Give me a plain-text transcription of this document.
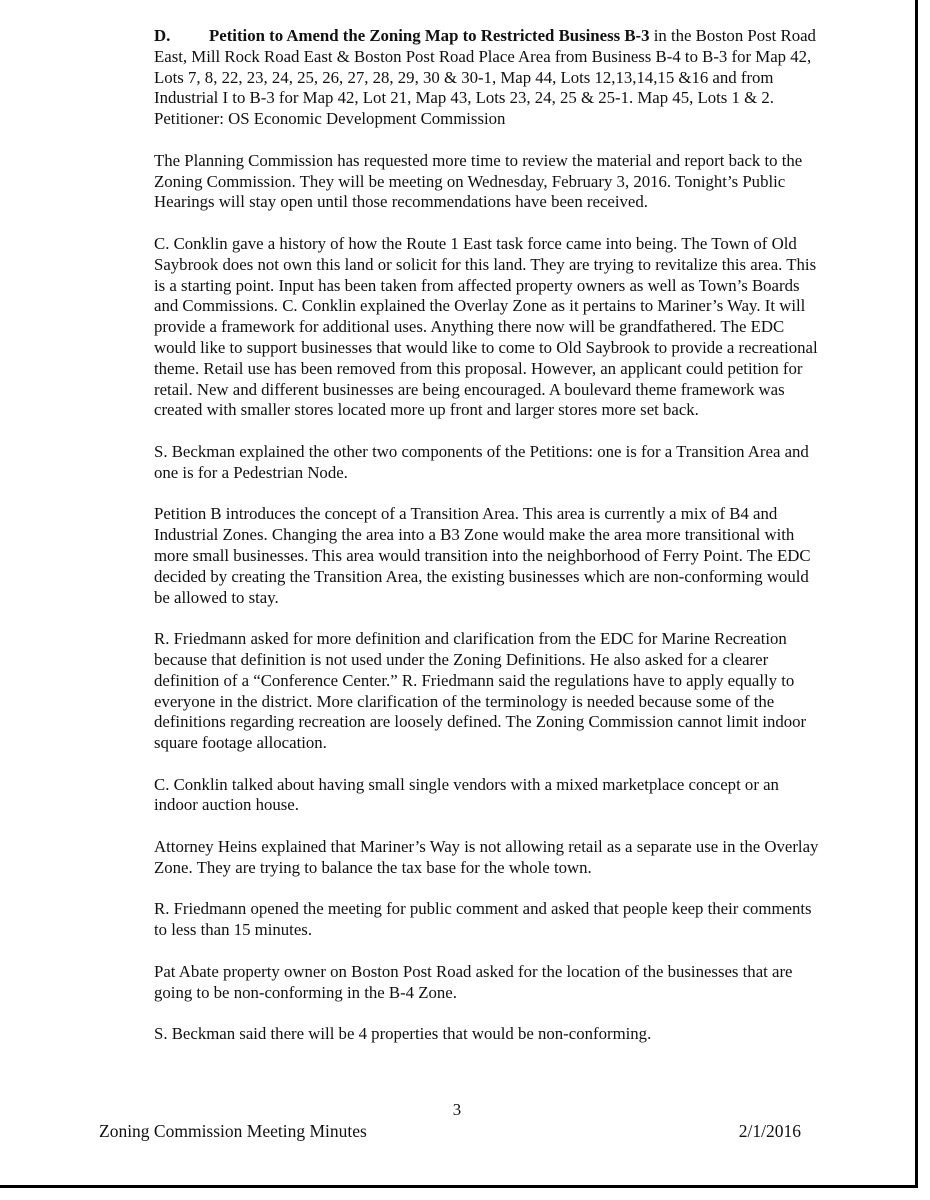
D. Petition to Amend the Zoning Map to Restricted Business B-3 in the Boston Post Road East, Mill Rock Road East & Boston Post Road Place Area from Business B-4 to B-3 for Map 42, Lots 7, 8, 22, 23, 24, 25, 26, 27, 28, 29, 30 & 30-1, Map 44, Lots 12,13,14,15 &16 and from Industrial I to B-3 for Map 42, Lot 21, Map 43, Lots 23, 24, 25 & 25-1. Map 45, Lots 1 & 2.
Petitioner: OS Economic Development Commission

The Planning Commission has requested more time to review the material and report back to the Zoning Commission. They will be meeting on Wednesday, February 3, 2016. Tonight’s Public Hearings will stay open until those recommendations have been received.

C. Conklin gave a history of how the Route 1 East task force came into being. The Town of Old Saybrook does not own this land or solicit for this land. They are trying to revitalize this area. This is a starting point. Input has been taken from affected property owners as well as Town’s Boards and Commissions. C. Conklin explained the Overlay Zone as it pertains to Mariner’s Way. It will provide a framework for additional uses. Anything there now will be grandfathered. The EDC would like to support businesses that would like to come to Old Saybrook to provide a recreational theme. Retail use has been removed from this proposal. However, an applicant could petition for retail. New and different businesses are being encouraged. A boulevard theme framework was created with smaller stores located more up front and larger stores more set back.

S. Beckman explained the other two components of the Petitions: one is for a Transition Area and one is for a Pedestrian Node.

Petition B introduces the concept of a Transition Area. This area is currently a mix of B4 and Industrial Zones. Changing the area into a B3 Zone would make the area more transitional with more small businesses. This area would transition into the neighborhood of Ferry Point. The EDC decided by creating the Transition Area, the existing businesses which are non-conforming would be allowed to stay.

R. Friedmann asked for more definition and clarification from the EDC for Marine Recreation because that definition is not used under the Zoning Definitions. He also asked for a clearer definition of a “Conference Center.” R. Friedmann said the regulations have to apply equally to everyone in the district. More clarification of the terminology is needed because some of the definitions regarding recreation are loosely defined. The Zoning Commission cannot limit indoor square footage allocation.

C. Conklin talked about having small single vendors with a mixed marketplace concept or an indoor auction house.

Attorney Heins explained that Mariner’s Way is not allowing retail as a separate use in the Overlay Zone. They are trying to balance the tax base for the whole town.

R. Friedmann opened the meeting for public comment and asked that people keep their comments to less than 15 minutes.

Pat Abate property owner on Boston Post Road asked for the location of the businesses that are going to be non-conforming in the B-4 Zone.

S. Beckman said there will be 4 properties that would be non-conforming.

3
Zoning Commission Meeting Minutes	2/1/2016
